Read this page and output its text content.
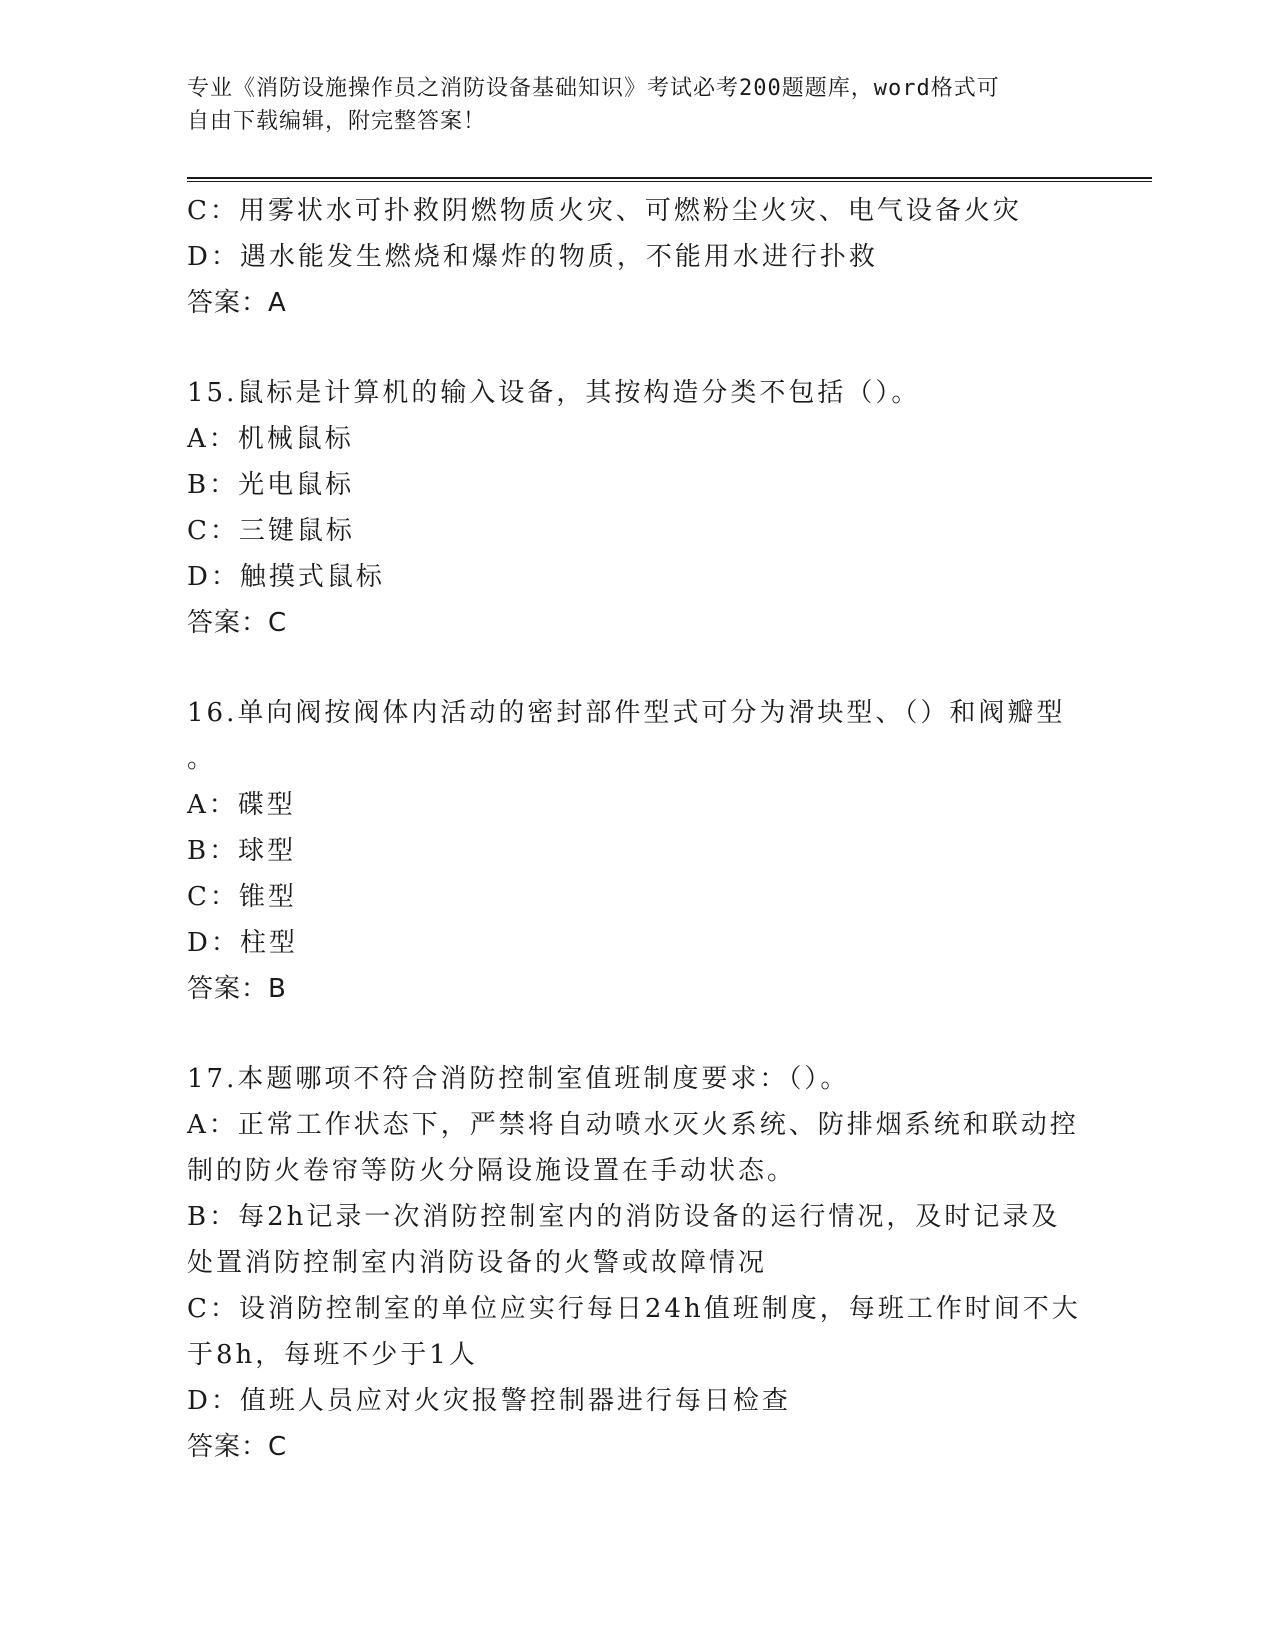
专业《消防设施操作员之消防设备基础知识》考试必考200题题库，word格式可
自由下载编辑，附完整答案！
C：用雾状水可扑救阴燃物质火灾、可燃粉尘火灾、电气设备火灾
D：遇水能发生燃烧和爆炸的物质，不能用水进行扑救
答案：A
15.鼠标是计算机的输入设备，其按构造分类不包括（）。
A：机械鼠标
B：光电鼠标
C：三键鼠标
D：触摸式鼠标
答案：C
16.单向阀按阀体内活动的密封部件型式可分为滑块型、（）和阀瓣型
。
A：碟型
B：球型
C：锥型
D：柱型
答案：B
17.本题哪项不符合消防控制室值班制度要求：（）。
A：正常工作状态下，严禁将自动喷水灭火系统、防排烟系统和联动控
制的防火卷帘等防火分隔设施设置在手动状态。
B：每2h记录一次消防控制室内的消防设备的运行情况，及时记录及
处置消防控制室内消防设备的火警或故障情况
C：设消防控制室的单位应实行每日24h值班制度，每班工作时间不大
于8h，每班不少于1人
D：值班人员应对火灾报警控制器进行每日检查
答案：C
